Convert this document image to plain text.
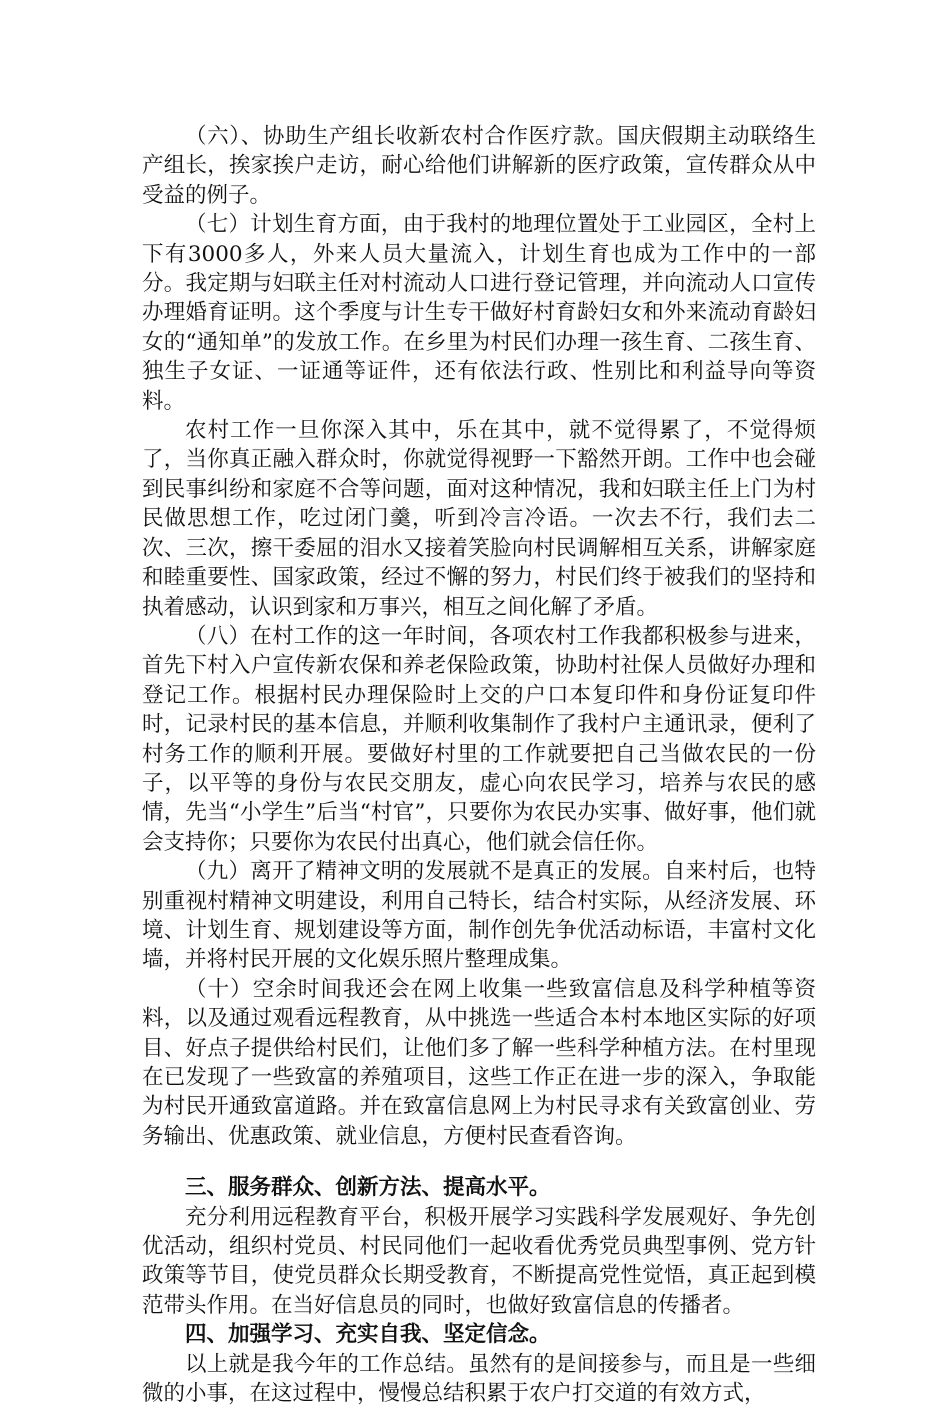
（六）、协助生产组长收新农村合作医疗款。国庆假期主动联络生产组长，挨家挨户走访，耐心给他们讲解新的医疗政策，宣传群众从中受益的例子。

（七）计划生育方面，由于我村的地理位置处于工业园区，全村上下有3000多人，外来人员大量流入，计划生育也成为工作中的一部分。我定期与妇联主任对村流动人口进行登记管理，并向流动人口宣传办理婚育证明。这个季度与计生专干做好村育龄妇女和外来流动育龄妇女的“通知单”的发放工作。在乡里为村民们办理一孩生育、二孩生育、独生子女证、一证通等证件，还有依法行政、性别比和利益导向等资料。

农村工作一旦你深入其中，乐在其中，就不觉得累了，不觉得烦了，当你真正融入群众时，你就觉得视野一下豁然开朗。工作中也会碰到民事纠纷和家庭不合等问题，面对这种情况，我和妇联主任上门为村民做思想工作，吃过闭门羹，听到冷言冷语。一次去不行，我们去二次、三次，擦干委屈的泪水又接着笑脸向村民调解相互关系，讲解家庭和睦重要性、国家政策，经过不懈的努力，村民们终于被我们的坚持和执着感动，认识到家和万事兴，相互之间化解了矛盾。

（八）在村工作的这一年时间，各项农村工作我都积极参与进来，首先下村入户宣传新农保和养老保险政策，协助村社保人员做好办理和登记工作。根据村民办理保险时上交的户口本复印件和身份证复印件时，记录村民的基本信息，并顺利收集制作了我村户主通讯录，便利了村务工作的顺利开展。要做好村里的工作就要把自己当做农民的一份子，以平等的身份与农民交朋友，虚心向农民学习，培养与农民的感情，先当“小学生”后当“村官”，只要你为农民办实事、做好事，他们就会支持你；只要你为农民付出真心，他们就会信任你。

（九）离开了精神文明的发展就不是真正的发展。自来村后，也特别重视村精神文明建设，利用自己特长，结合村实际，从经济发展、环境、计划生育、规划建设等方面，制作创先争优活动标语，丰富村文化墙，并将村民开展的文化娱乐照片整理成集。

（十）空余时间我还会在网上收集一些致富信息及科学种植等资料，以及通过观看远程教育，从中挑选一些适合本村本地区实际的好项目、好点子提供给村民们，让他们多了解一些科学种植方法。在村里现在已发现了一些致富的养殖项目，这些工作正在进一步的深入，争取能为村民开通致富道路。并在致富信息网上为村民寻求有关致富创业、劳务输出、优惠政策、就业信息，方便村民查看咨询。

三、服务群众、创新方法、提高水平。

充分利用远程教育平台，积极开展学习实践科学发展观好、争先创优活动，组织村党员、村民同他们一起收看优秀党员典型事例、党方针政策等节目，使党员群众长期受教育，不断提高党性觉悟，真正起到模范带头作用。在当好信息员的同时，也做好致富信息的传播者。

四、加强学习、充实自我、坚定信念。

以上就是我今年的工作总结。虽然有的是间接参与，而且是一些细微的小事，在这过程中，慢慢总结积累于农户打交道的有效方式，
